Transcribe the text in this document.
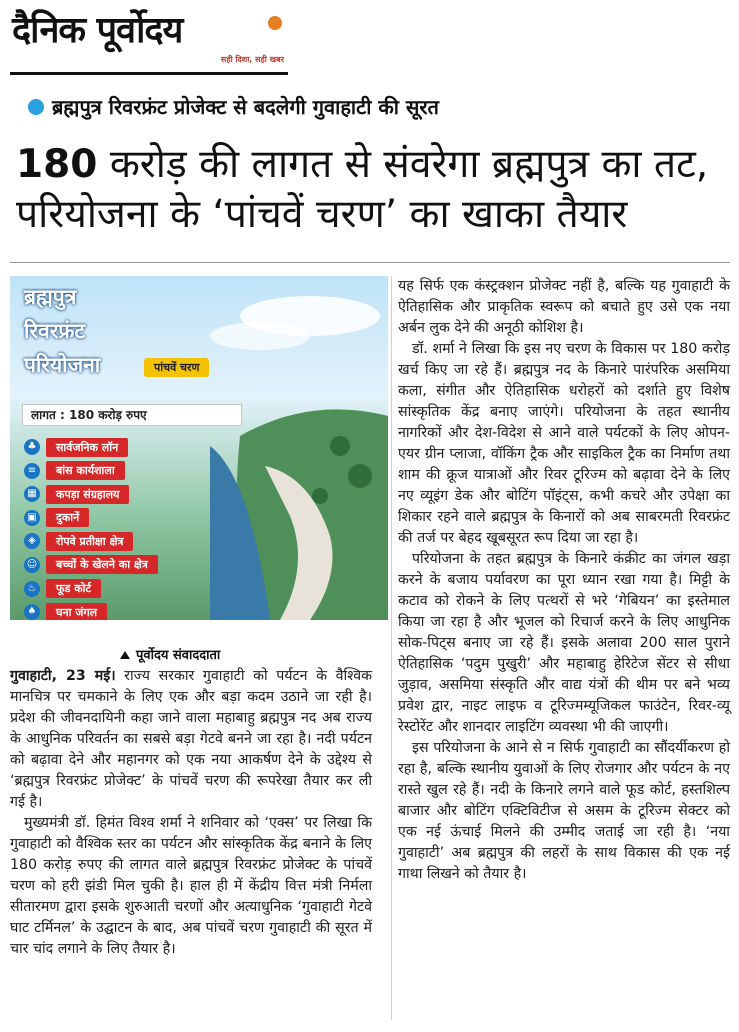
दैनिक पूर्वोदय
सही दिशा, सही खबर
ब्रह्मपुत्र रिवरफ्रंट प्रोजेक्ट से बदलेगी गुवाहाटी की सूरत
180 करोड़ की लागत से संवरेगा ब्रह्मपुत्र का तट, परियोजना के ‘पांचवें चरण’ का खाका तैयार
ब्रह्मपुत्र
रिवरफ्रंट
परियोजना	पांचवें चरण
लागत : 180 करोड़ रुपए
♣	सार्वजनिक लॉन
≡	बांस कार्यशाला
▦	कपड़ा संग्रहालय
▣	दुकानें
◈	रोपवे प्रतीक्षा क्षेत्र
☺	बच्चों के खेलने का क्षेत्र
♨	फूड कोर्ट
♠	घना जंगल
पूर्वोदय संवाददाता

गुवाहाटी, 23 मई। राज्य सरकार गुवाहाटी को पर्यटन के वैश्विक मानचित्र पर चमकाने के लिए एक और बड़ा कदम उठाने जा रही है। प्रदेश की जीवनदायिनी कहा जाने वाला महाबाहु ब्रह्मपुत्र नद अब राज्य के आधुनिक परिवर्तन का सबसे बड़ा गेटवे बनने जा रहा है। नदी पर्यटन को बढ़ावा देने और महानगर को एक नया आकर्षण देने के उद्देश्य से ‘ब्रह्मपुत्र रिवरफ्रंट प्रोजेक्ट’ के पांचवें चरण की रूपरेखा तैयार कर ली गई है।

मुख्यमंत्री डॉ. हिमंत विश्व शर्मा ने शनिवार को ‘एक्स’ पर लिखा कि गुवाहाटी को वैश्विक स्तर का पर्यटन और सांस्कृतिक केंद्र बनाने के लिए 180 करोड़ रुपए की लागत वाले ब्रह्मपुत्र रिवरफ्रंट प्रोजेक्ट के पांचवें चरण को हरी झंडी मिल चुकी है। हाल ही में केंद्रीय वित्त मंत्री निर्मला सीतारमण द्वारा इसके शुरुआती चरणों और अत्याधुनिक ‘गुवाहाटी गेटवे घाट टर्मिनल’ के उद्घाटन के बाद, अब पांचवें चरण गुवाहाटी की सूरत में चार चांद लगाने के लिए तैयार है।

यह सिर्फ एक कंस्ट्रक्शन प्रोजेक्ट नहीं है, बल्कि यह गुवाहाटी के ऐतिहासिक और प्राकृतिक स्वरूप को बचाते हुए उसे एक नया अर्बन लुक देने की अनूठी कोशिश है।

डॉ. शर्मा ने लिखा कि इस नए चरण के विकास पर 180 करोड़ खर्च किए जा रहे हैं। ब्रह्मपुत्र नद के किनारे पारंपरिक असमिया कला, संगीत और ऐतिहासिक धरोहरों को दर्शाते हुए विशेष सांस्कृतिक केंद्र बनाए जाएंगे। परियोजना के तहत स्थानीय नागरिकों और देश-विदेश से आने वाले पर्यटकों के लिए ओपन-एयर ग्रीन प्लाजा, वॉकिंग ट्रैक और साइकिल ट्रैक का निर्माण तथा शाम की क्रूज यात्राओं और रिवर टूरिज्म को बढ़ावा देने के लिए नए व्यूइंग डेक और बोटिंग पॉइंट्स, कभी कचरे और उपेक्षा का शिकार रहने वाले ब्रह्मपुत्र के किनारों को अब साबरमती रिवरफ्रंट की तर्ज पर बेहद खूबसूरत रूप दिया जा रहा है।

परियोजना के तहत ब्रह्मपुत्र के किनारे कंक्रीट का जंगल खड़ा करने के बजाय पर्यावरण का पूरा ध्यान रखा गया है। मिट्टी के कटाव को रोकने के लिए पत्थरों से भरे ‘गेबियन’ का इस्तेमाल किया जा रहा है और भूजल को रिचार्ज करने के लिए आधुनिक सोक-पिट्स बनाए जा रहे हैं। इसके अलावा 200 साल पुराने ऐतिहासिक ‘पदुम पुखुरी’ और महाबाहु हेरिटेज सेंटर से सीधा जुड़ाव, असमिया संस्कृति और वाद्य यंत्रों की थीम पर बने भव्य प्रवेश द्वार, नाइट लाइफ व टूरिज्मम्यूजिकल फाउंटेन, रिवर-व्यू रेस्टोरेंट और शानदार लाइटिंग व्यवस्था भी की जाएगी।

इस परियोजना के आने से न सिर्फ गुवाहाटी का सौंदर्यीकरण हो रहा है, बल्कि स्थानीय युवाओं के लिए रोजगार और पर्यटन के नए रास्ते खुल रहे हैं। नदी के किनारे लगने वाले फूड कोर्ट, हस्तशिल्प बाजार और बोटिंग एक्टिविटीज से असम के टूरिज्म सेक्टर को एक नई ऊंचाई मिलने की उम्मीद जताई जा रही है। ‘नया गुवाहाटी’ अब ब्रह्मपुत्र की लहरों के साथ विकास की एक नई गाथा लिखने को तैयार है।
